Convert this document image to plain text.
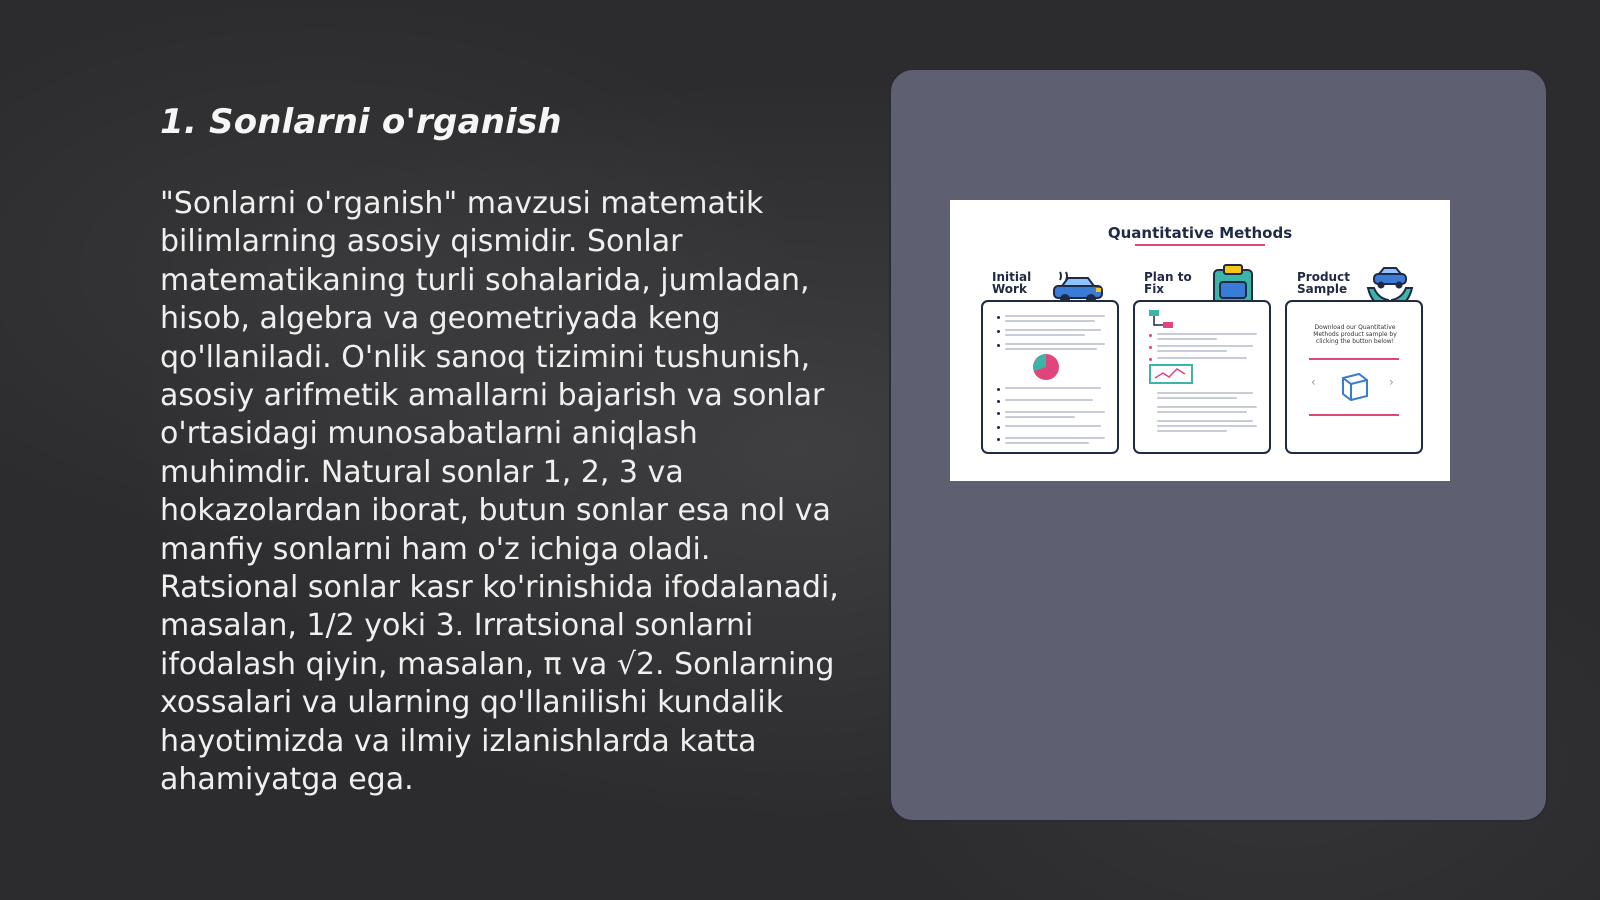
1. Sonlarni o'rganish

"Sonlarni o'rganish" mavzusi matematik bilimlarning asosiy qismidir. Sonlar matematikaning turli sohalarida, jumladan, hisob, algebra va geometriyada keng qo'llaniladi. O'nlik sanoq tizimini tushunish, asosiy arifmetik amallarni bajarish va sonlar o'rtasidagi munosabatlarni aniqlash muhimdir. Natural sonlar 1, 2, 3 va hokazolardan iborat, butun sonlar esa nol va manfiy sonlarni ham o'z ichiga oladi. Ratsional sonlar kasr ko'rinishida ifodalanadi, masalan, 1/2 yoki 3. Irratsional sonlarni ifodalash qiyin, masalan, π va √2. Sonlarning xossalari va ularning qo'llanilishi kundalik hayotimizda va ilmiy izlanishlarda katta ahamiyatga ega.

Quantitative Methods
Initial Work
Plan to Fix
Product Sample
Download our Quantitative Methods product sample by clicking the button below!
‹	›
